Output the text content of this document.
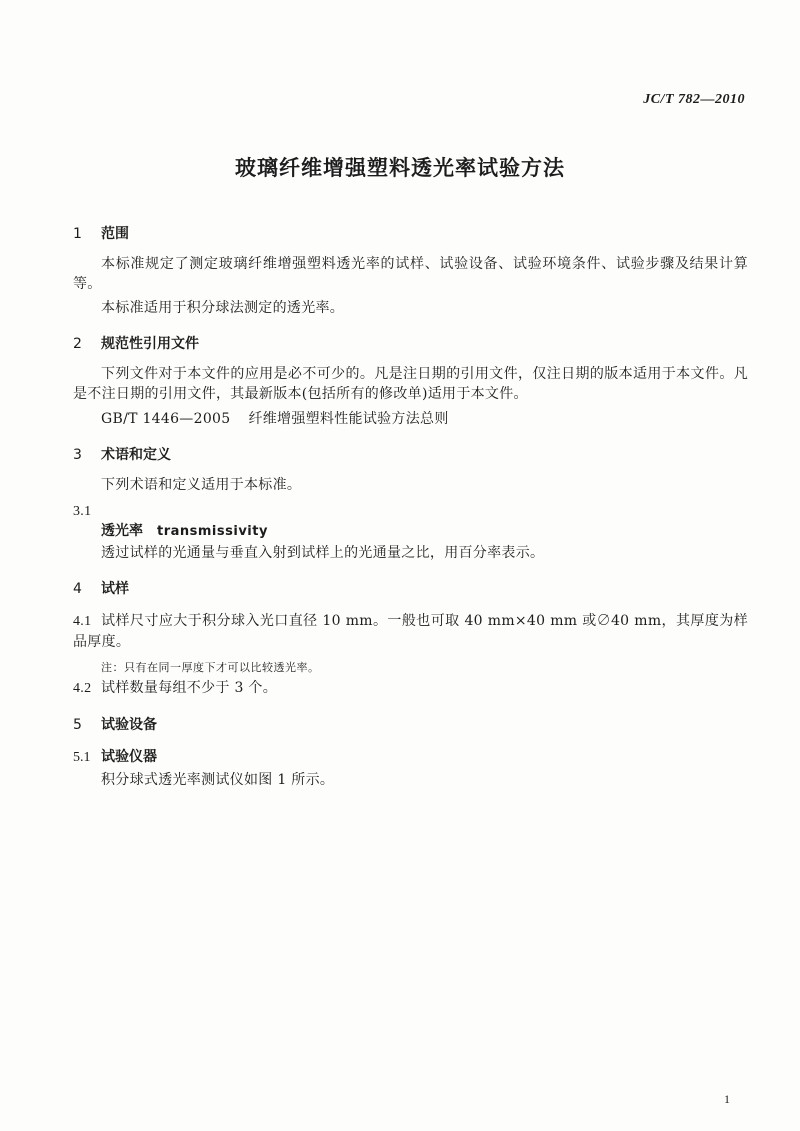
JC/T 782—2010
玻璃纤维增强塑料透光率试验方法
1 范围
本标准规定了测定玻璃纤维增强塑料透光率的试样、试验设备、试验环境条件、试验步骤及结果计算等。
本标准适用于积分球法测定的透光率。
2 规范性引用文件
下列文件对于本文件的应用是必不可少的。凡是注日期的引用文件，仅注日期的版本适用于本文件。凡是不注日期的引用文件，其最新版本(包括所有的修改单)适用于本文件。
GB/T 1446—2005 纤维增强塑料性能试验方法总则
3 术语和定义
下列术语和定义适用于本标准。
3.1
透光率 transmissivity
透过试样的光通量与垂直入射到试样上的光通量之比，用百分率表示。
4 试样
4.1 试样尺寸应大于积分球入光口直径 10 mm。一般也可取 40 mm×40 mm 或∅40 mm，其厚度为样品厚度。
注：只有在同一厚度下才可以比较透光率。
4.2 试样数量每组不少于 3 个。
5 试验设备
5.1 试验仪器
积分球式透光率测试仪如图 1 所示。
1
